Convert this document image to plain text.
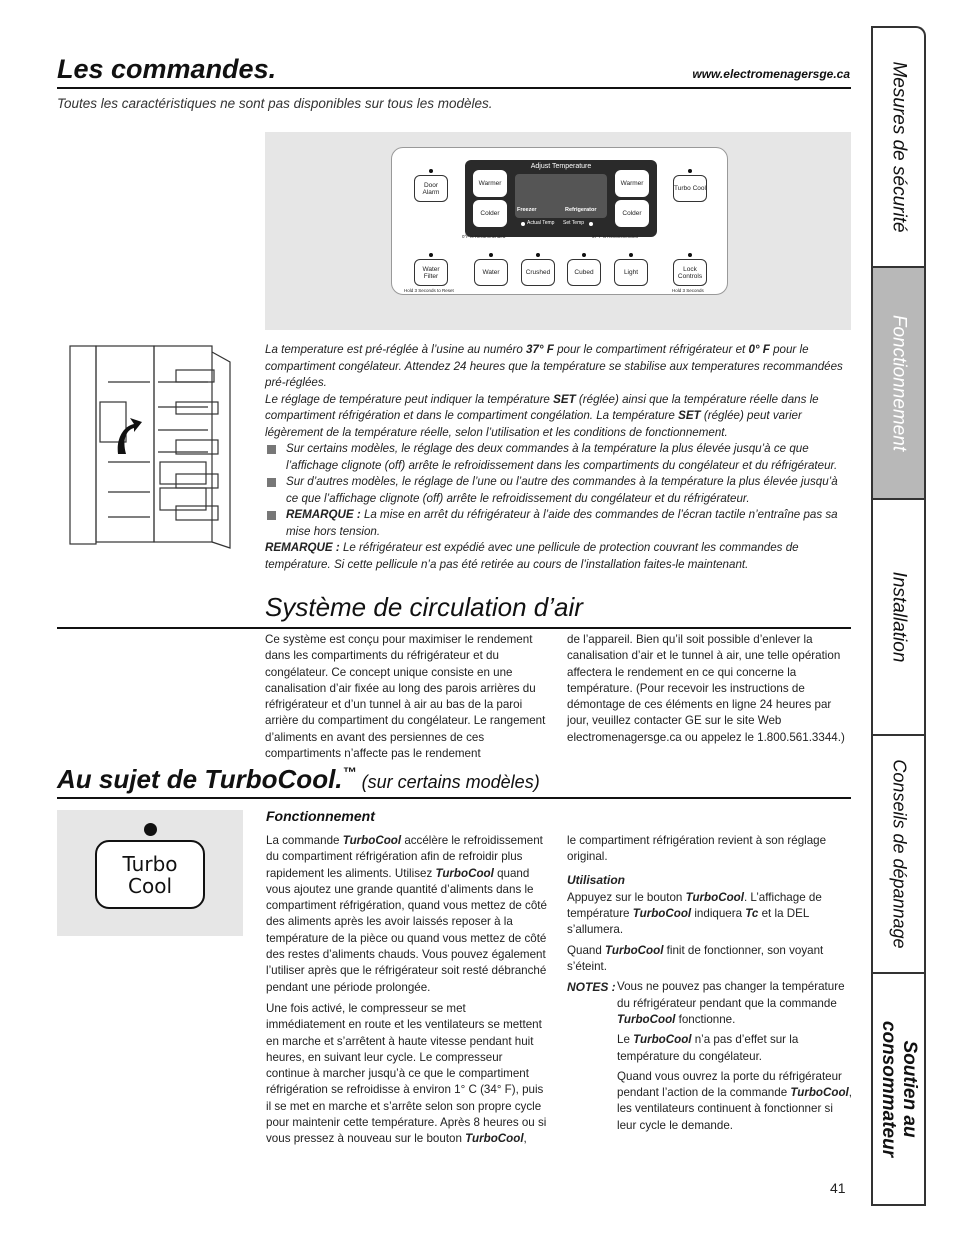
Les commandes.	www.electromenagersge.ca
Toutes les caractéristiques ne sont pas disponibles sur tous les modèles.
Adjust Temperature
Freezer	Refrigerator
Actual Temp Set Temp
Warmer
Colder
Warmer
Colder
0°F is Recommended	37°F is Recommended
Door Alarm	Turbo Cool
Water Filter
Hold 3 Seconds to Reset
Water	Crushed	Cubed	Light	Lock Controls
Hold 3 Seconds
La temperature est pré-réglée à l’usine au numéro 37° F pour le compartiment réfrigérateur et 0° F pour le compartiment congélateur. Attendez 24 heures que la température se stabilise aux temperatures recommandées pré-réglées.
Le réglage de température peut indiquer la température SET (réglée) ainsi que la température réelle dans le compartiment réfrigération et dans le compartiment congélation. La température SET (réglée) peut varier légèrement de la température réelle, selon l’utilisation et les conditions de fonctionnement.
Sur certains modèles, le réglage des deux commandes à la température la plus élevée jusqu’à ce que l’affichage clignote (off) arrête le refroidissement dans les compartiments du congélateur et du réfrigérateur.
Sur d’autres modèles, le réglage de l’une ou l’autre des commandes à la température la plus élevée jusqu’à ce que l’affichage clignote (off) arrête le refroidissement du congélateur et du réfrigérateur.
REMARQUE : La mise en arrêt du réfrigérateur à l’aide des commandes de l’écran tactile n’entraîne pas sa mise hors tension.
REMARQUE : Le réfrigérateur est expédié avec une pellicule de protection couvrant les commandes de température. Si cette pellicule n’a pas été retirée au cours de l’installation faites-le maintenant.
Système de circulation d’air
Ce système est conçu pour maximiser le rendement dans les compartiments du réfrigérateur et du congélateur. Ce concept unique consiste en une canalisation d’air fixée au long des parois arrières du réfrigérateur et d’un tunnel à air au bas de la paroi arrière du compartiment du congélateur. Le rangement d’aliments en avant des persiennes de ces compartiments n’affecte pas le rendement
de l’appareil. Bien qu’il soit possible d’enlever la canalisation d’air et le tunnel à air, une telle opération affectera le rendement en ce qui concerne la température. (Pour recevoir les instructions de démontage de ces éléments en ligne 24 heures par jour, veuillez contacter GE sur le site Web electromenagersge.ca ou appelez le 1.800.561.3344.)
Au sujet de TurboCool.™ (sur certains modèles)
Turbo
Cool
Fonctionnement
La commande TurboCool accélère le refroidissement du compartiment réfrigération afin de refroidir plus rapidement les aliments. Utilisez TurboCool quand vous ajoutez une grande quantité d’aliments dans le compartiment réfrigération, quand vous mettez de côté des aliments après les avoir laissés reposer à la température de la pièce ou quand vous mettez de côté des restes d’aliments chauds. Vous pouvez également l’utiliser après que le réfrigérateur soit resté débranché pendant une période prolongée.
Une fois activé, le compresseur se met immédiatement en route et les ventilateurs se mettent en marche et s’arrêtent à haute vitesse pendant huit heures, en suivant leur cycle. Le compresseur continue à marcher jusqu’à ce que le compartiment réfrigération se refroidisse à environ 1° C (34° F), puis il se met en marche et s’arrête selon son propre cycle pour maintenir cette température. Après 8 heures ou si vous pressez à nouveau sur le bouton TurboCool,
le compartiment réfrigération revient à son réglage original.
Utilisation
Appuyez sur le bouton TurboCool. L’affichage de température TurboCool indiquera Tc et la DEL s’allumera.
Quand TurboCool finit de fonctionner, son voyant s’éteint.
NOTES : Vous ne pouvez pas changer la température du réfrigérateur pendant que la commande TurboCool fonctionne.
Le TurboCool n’a pas d’effet sur la température du congélateur.
Quand vous ouvrez la porte du réfrigérateur pendant l’action de la commande TurboCool, les ventilateurs continuent à fonctionner si leur cycle le demande.
41
Mesures de sécurité
Fonctionnement
Installation
Conseils de dépannage
Soutien au consommateur
